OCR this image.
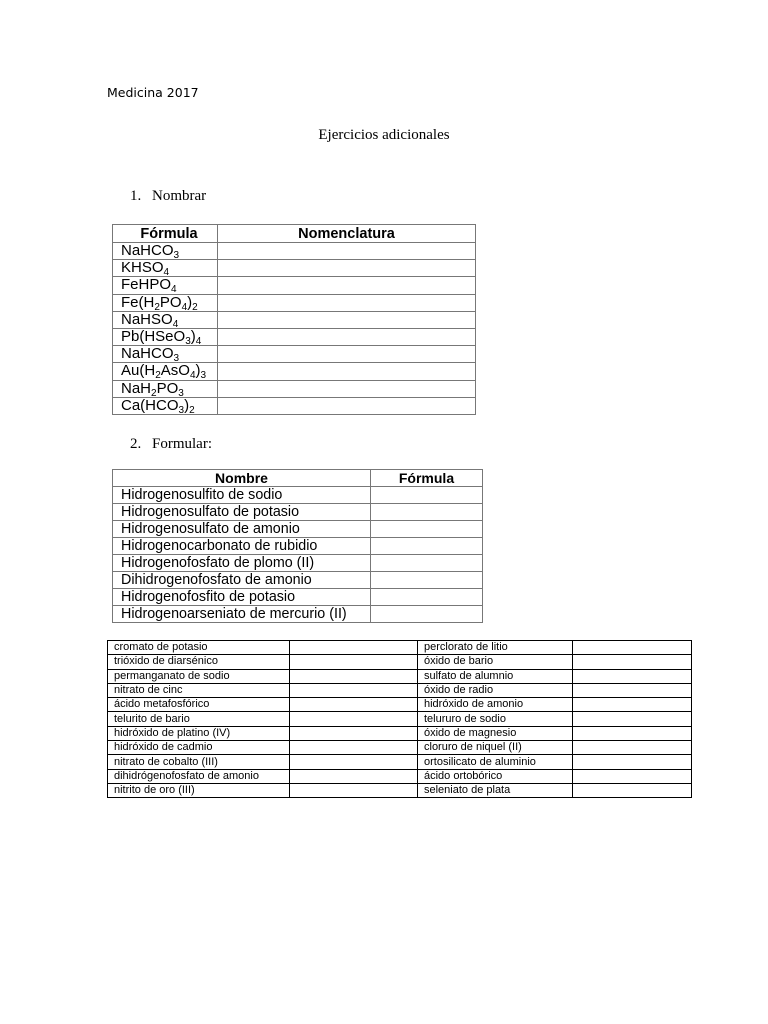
Medicina 2017
Ejercicios adicionales
1. Nombrar
Fórmula	Nomenclatura
NaHCO$_3$	
$KHSO_4$	
FeHPO$_4$	
$Fe(H_2PO_4)_2$	
NaHSO$_4$	
$Pb(HSeO_3)_4$	
NaHCO$_3$	
$Au(H_2AsO_4)_3$	
$NaH_2PO_3$	
$Ca(HCO_3)_2$	
2. Formular:
Nombre	Fórmula
Hidrogenosulfito de sodio	
Hidrogenosulfato de potasio	
Hidrogenosulfato de amonio	
Hidrogenocarbonato de rubidio	
Hidrogenofosfato de plomo (II)	
Dihidrogenofosfato de amonio	
Hidrogenofosfito de potasio	
Hidrogenoarseniato de mercurio (II)	
cromato de potasio		perclorato de litio	
trióxido de diarsénico		óxido de bario	
permanganato de sodio		sulfato de alumnio	
nitrato de cinc		óxido de radio	
ácido metafosfórico		hidróxido de amonio	
telurito de bario		telururo de sodio	
hidróxido de platino (IV)		óxido de magnesio	
hidróxido de cadmio		cloruro de niquel (II)	
nitrato de cobalto (III)		ortosilicato de aluminio	
dihidrógenofosfato de amonio		ácido ortobórico	
nitrito de oro (III)		seleniato de plata	
